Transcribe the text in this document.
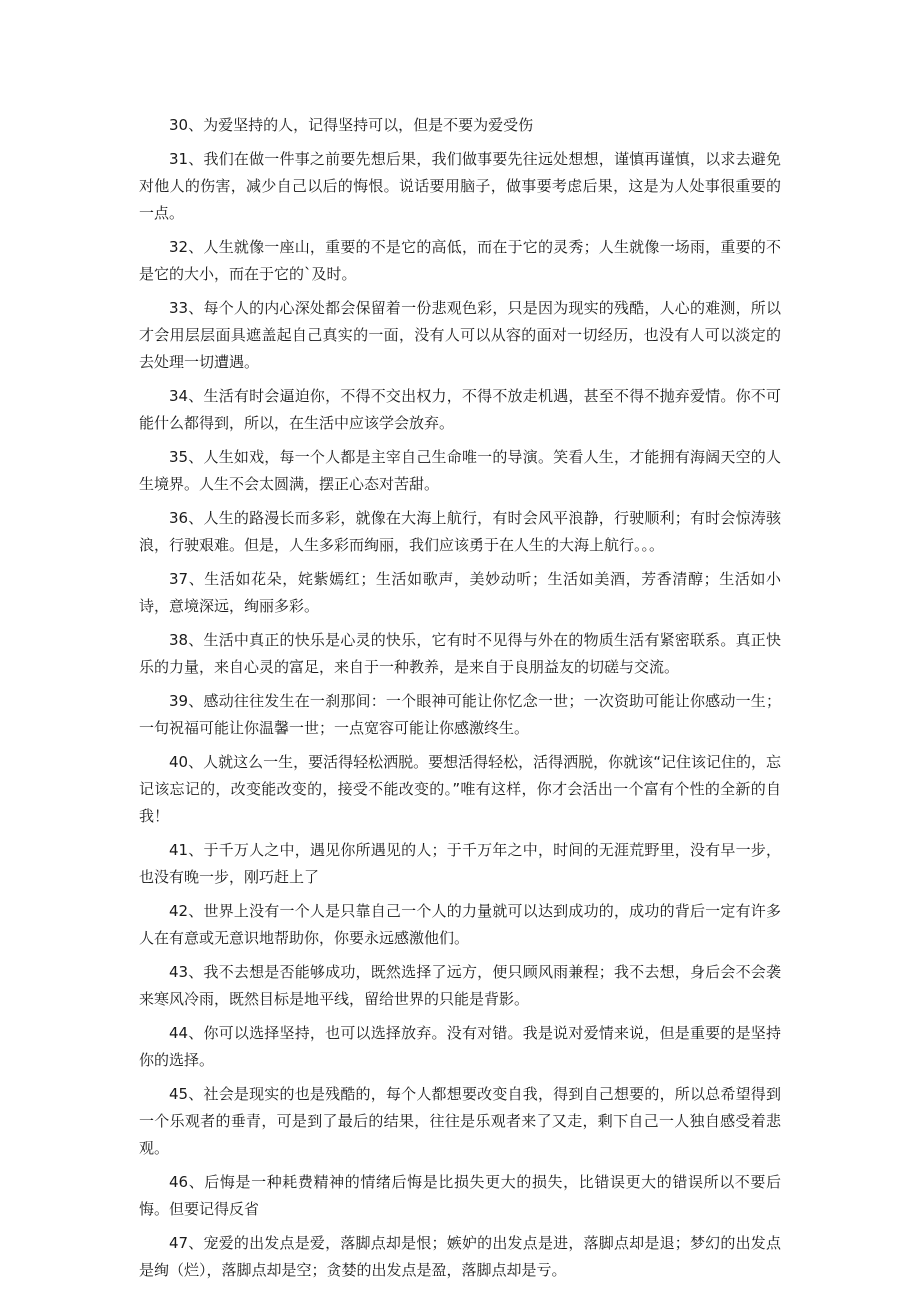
30、为爱坚持的人，记得坚持可以，但是不要为爱受伤

31、我们在做一件事之前要先想后果，我们做事要先往远处想想，谨慎再谨慎，以求去避免对他人的伤害，减少自己以后的悔恨。说话要用脑子，做事要考虑后果，这是为人处事很重要的一点。

32、人生就像一座山，重要的不是它的高低，而在于它的灵秀；人生就像一场雨，重要的不是它的大小，而在于它的`及时。

33、每个人的内心深处都会保留着一份悲观色彩，只是因为现实的残酷，人心的难测，所以才会用层层面具遮盖起自己真实的一面，没有人可以从容的面对一切经历，也没有人可以淡定的去处理一切遭遇。

34、生活有时会逼迫你，不得不交出权力，不得不放走机遇，甚至不得不抛弃爱情。你不可能什么都得到，所以，在生活中应该学会放弃。

35、人生如戏，每一个人都是主宰自己生命唯一的导演。笑看人生，才能拥有海阔天空的人生境界。人生不会太圆满，摆正心态对苦甜。

36、人生的路漫长而多彩，就像在大海上航行，有时会风平浪静，行驶顺利；有时会惊涛骇浪，行驶艰难。但是，人生多彩而绚丽，我们应该勇于在人生的大海上航行。。。

37、生活如花朵，姹紫嫣红；生活如歌声，美妙动听；生活如美酒，芳香清醇；生活如小诗，意境深远，绚丽多彩。

38、生活中真正的快乐是心灵的快乐，它有时不见得与外在的物质生活有紧密联系。真正快乐的力量，来自心灵的富足，来自于一种教养，是来自于良朋益友的切磋与交流。

39、感动往往发生在一刹那间：一个眼神可能让你忆念一世；一次资助可能让你感动一生；一句祝福可能让你温馨一世；一点宽容可能让你感激终生。

40、人就这么一生，要活得轻松洒脱。要想活得轻松，活得洒脱，你就该“记住该记住的，忘记该忘记的，改变能改变的，接受不能改变的。”唯有这样，你才会活出一个富有个性的全新的自我！

41、于千万人之中，遇见你所遇见的人；于千万年之中，时间的无涯荒野里，没有早一步，也没有晚一步，刚巧赶上了

42、世界上没有一个人是只靠自己一个人的力量就可以达到成功的，成功的背后一定有许多人在有意或无意识地帮助你，你要永远感激他们。

43、我不去想是否能够成功，既然选择了远方，便只顾风雨兼程；我不去想，身后会不会袭来寒风冷雨，既然目标是地平线，留给世界的只能是背影。

44、你可以选择坚持，也可以选择放弃。没有对错。我是说对爱情来说，但是重要的是坚持你的选择。

45、社会是现实的也是残酷的，每个人都想要改变自我，得到自己想要的，所以总希望得到一个乐观者的垂青，可是到了最后的结果，往往是乐观者来了又走，剩下自己一人独自感受着悲观。

46、后悔是一种耗费精神的情绪后悔是比损失更大的损失，比错误更大的错误所以不要后悔。但要记得反省

47、宠爱的出发点是爱，落脚点却是恨；嫉妒的出发点是进，落脚点却是退；梦幻的出发点是绚（烂），落脚点却是空；贪婪的出发点是盈，落脚点却是亏。
